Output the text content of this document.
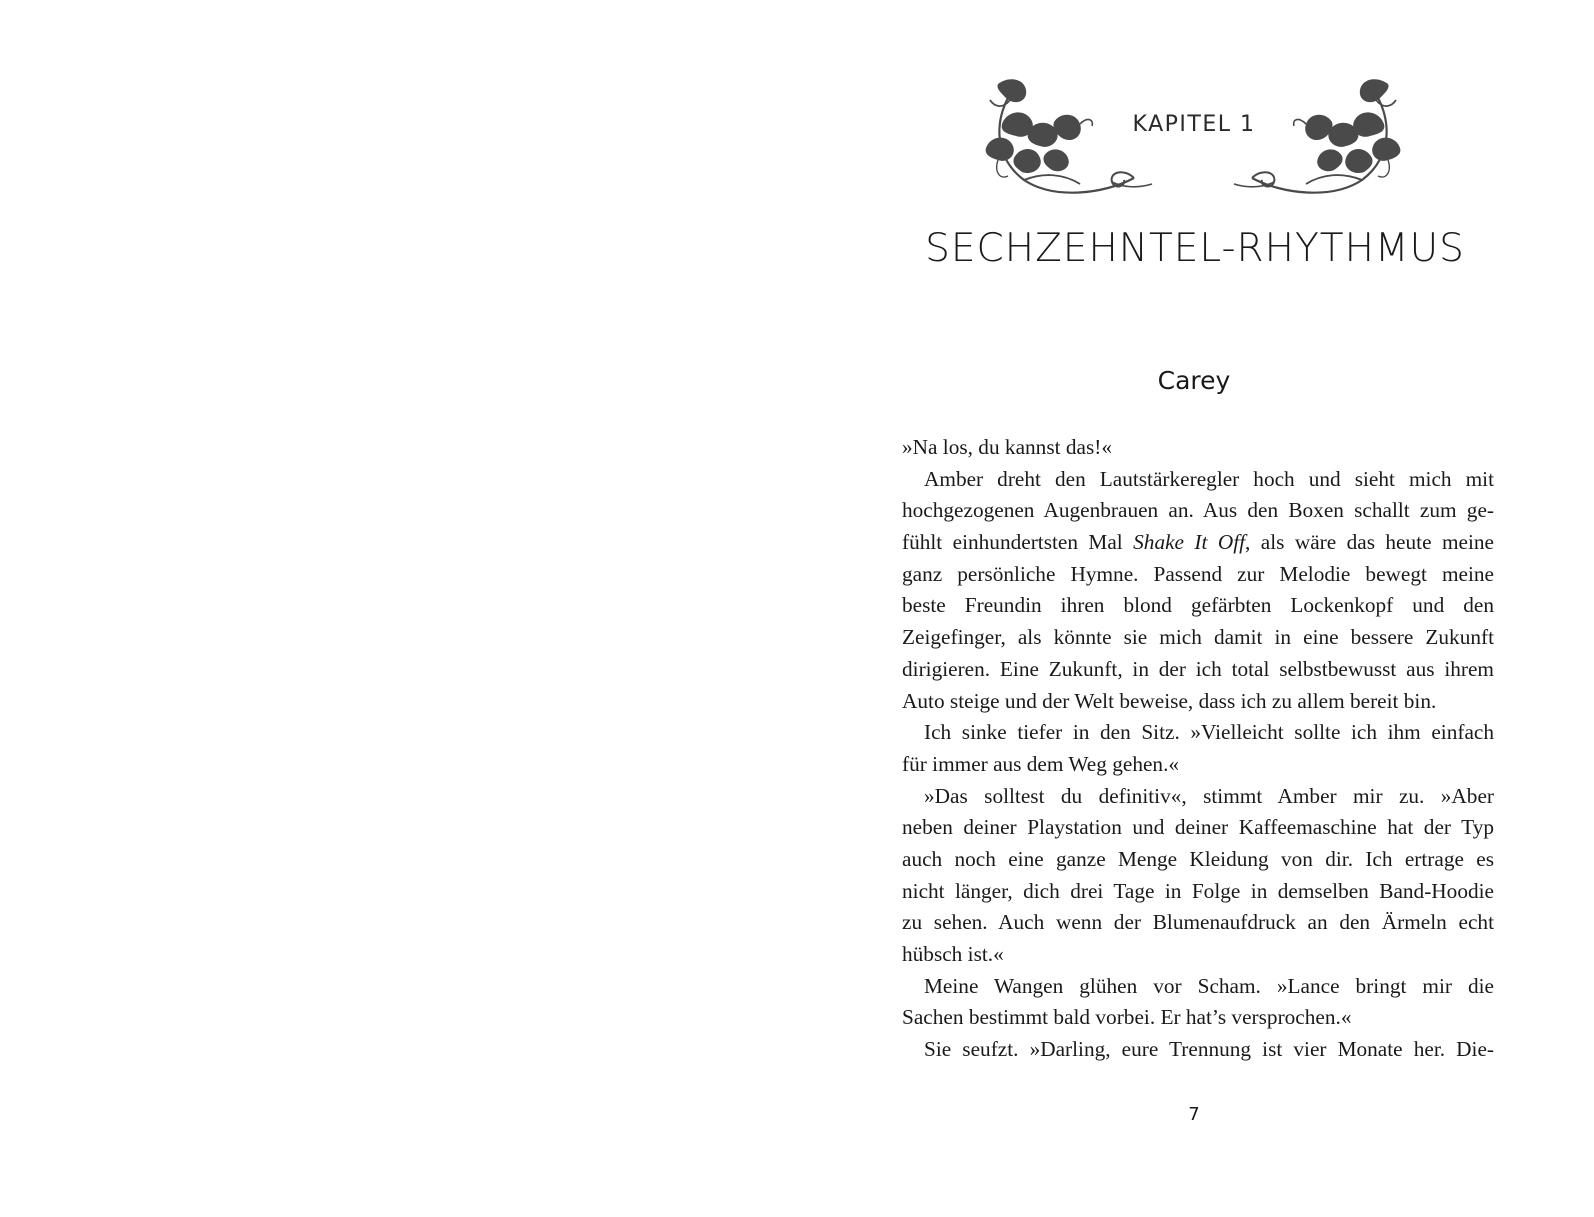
KAPITEL 1
SECHZEHNTEL-RHYTHMUS
Carey
»Na los, du kannst das!«
Amber dreht den Lautstärkeregler hoch und sieht mich mit
hochgezogenen Augenbrauen an. Aus den Boxen schallt zum ge-
fühlt einhundertsten Mal Shake It Off, als wäre das heute meine
ganz persönliche Hymne. Passend zur Melodie bewegt meine
beste Freundin ihren blond gefärbten Lockenkopf und den
Zeigefinger, als könnte sie mich damit in eine bessere Zukunft
dirigieren. Eine Zukunft, in der ich total selbstbewusst aus ihrem
Auto steige und der Welt beweise, dass ich zu allem bereit bin.
Ich sinke tiefer in den Sitz. »Vielleicht sollte ich ihm einfach
für immer aus dem Weg gehen.«
»Das solltest du definitiv«, stimmt Amber mir zu. »Aber
neben deiner Playstation und deiner Kaffeemaschine hat der Typ
auch noch eine ganze Menge Kleidung von dir. Ich ertrage es
nicht länger, dich drei Tage in Folge in demselben Band-Hoodie
zu sehen. Auch wenn der Blumenaufdruck an den Ärmeln echt
hübsch ist.«
Meine Wangen glühen vor Scham. »Lance bringt mir die
Sachen bestimmt bald vorbei. Er hat’s versprochen.«
Sie seufzt. »Darling, eure Trennung ist vier Monate her. Die-
7
